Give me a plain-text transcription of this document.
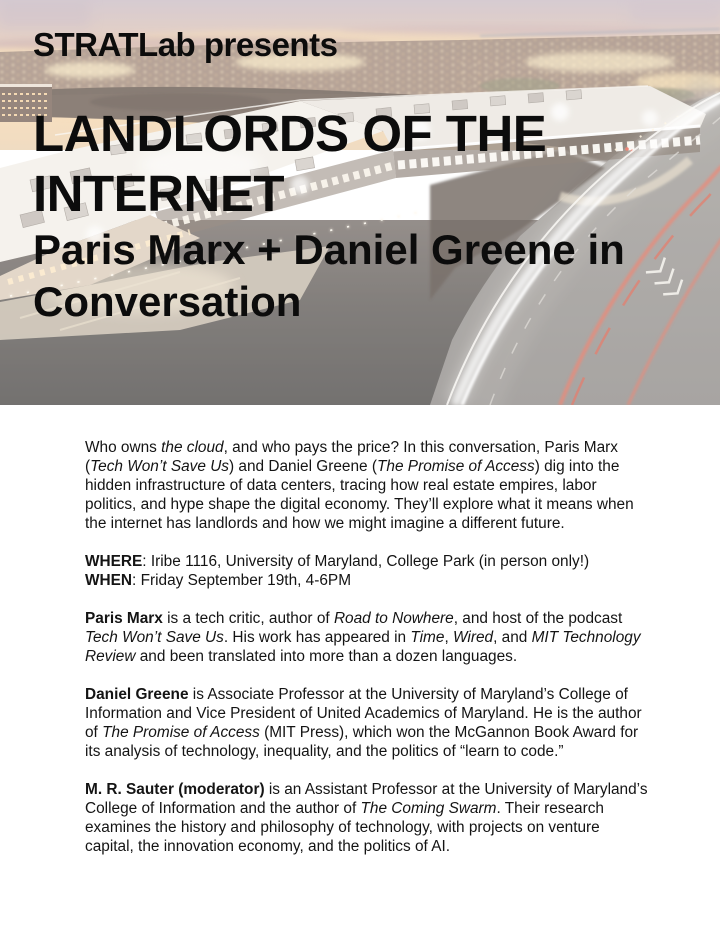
STRATLab presents
LANDLORDS OF THE
INTERNET
Paris Marx + Daniel Greene in
Conversation

Who owns the cloud, and who pays the price? In this conversation, Paris Marx (Tech Won’t Save Us) and Daniel Greene (The Promise of Access) dig into the hidden infrastructure of data centers, tracing how real estate empires, labor politics, and hype shape the digital economy. They’ll explore what it means when the internet has landlords and how we might imagine a different future.

WHERE: Iribe 1116, University of Maryland, College Park (in person only!)
WHEN: Friday September 19th, 4-6PM

Paris Marx is a tech critic, author of Road to Nowhere, and host of the podcast Tech Won’t Save Us. His work has appeared in Time, Wired, and MIT Technology Review and been translated into more than a dozen languages.

Daniel Greene is Associate Professor at the University of Maryland’s College of Information and Vice President of United Academics of Maryland. He is the author of The Promise of Access (MIT Press), which won the McGannon Book Award for its analysis of technology, inequality, and the politics of “learn to code.”

M. R. Sauter (moderator) is an Assistant Professor at the University of Maryland’s College of Information and the author of The Coming Swarm. Their research examines the history and philosophy of technology, with projects on venture capital, the innovation economy, and the politics of AI.
